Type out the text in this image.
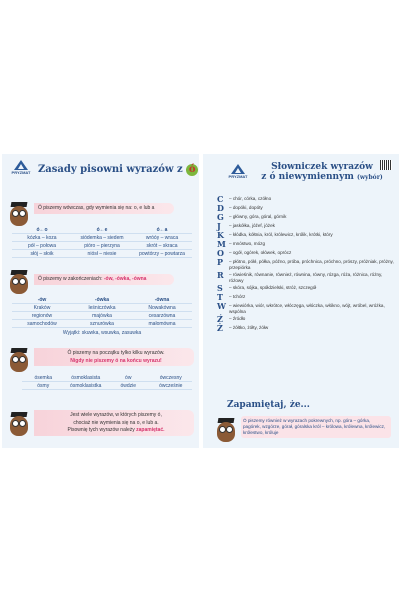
PRYZMAT Zasady pisowni wyrazów z ó
Ó piszemy wówczas, gdy wymienia się na: o, e lub a
ó←o	ó←e	ó←a
kózka – koza	siódemka – siedem	wróćę – wraca
pół – połowa	pióro – pierzyna	skrót – skraca
słój – słoik	niósł – niesie	powtórzy – powtarza
Ó piszemy w zakończeniach: -ów, -ówka, -ówna
-ów	-ówka	-ówna
Kraków	leśniczówka	Nowakówna
regionów	majówka	cesarzówna
samochodów	sznurówka	małomówna
Wyjątki: skuwka, wsuwka, zasuwka
Ó piszemy na początku tylko kilku wyrazów.
Nigdy nie piszemy ó na końcu wyrazu!
ósemka	ósmoklasista	ów	ówczesny
ósmy	ósmoklasistka	ówdzie	ówcześnie
Jest wiele wyrazów, w których piszemy ó,
chociaż nie wymienia się na o, e lub a.
Pisownię tych wyrazów należy zapamiętać.
PRYZMAT
Słowniczek wyrazów
z ó niewymiennym (wybór)
C	– chór, córka, czółno
D	– dopóki, dopóty
G	– główny, góra, góral, górnik
J	– jaskółka, jóźef, jóżek
K	– kłódka, kółtnia, król, królewicz, królik, krótki, który
M – mnóstwo, mózg
O	– ogół, ogórek, ołówek, oprócz
P	– płótno, pókł, półka, późno, próba, próchnica, próchno, prószy, próżniak, próżny, przepiórka
R	– rówieśnik, równanie, również, równina, równy, rózga, róża, różnica, różny, różowy
S	– skóra, sójka, spółdzielski, stróż, szczegół
T	– tchórz
W – wiewiórka, wiór, wkrótce, włóczęga, włóczka, włókno, wójt, wróbel, wróżka, wspólna
Ź	– źródło
Ż	– żółtko, żółty, żółw
Zapamiętaj, że...
Ó piszemy również w wyrazach pokrewnych, np. góra – górka, pagórek, wzgórze, górał, góralska król – królowa, królewna, królewicz, królestwo, królujе
